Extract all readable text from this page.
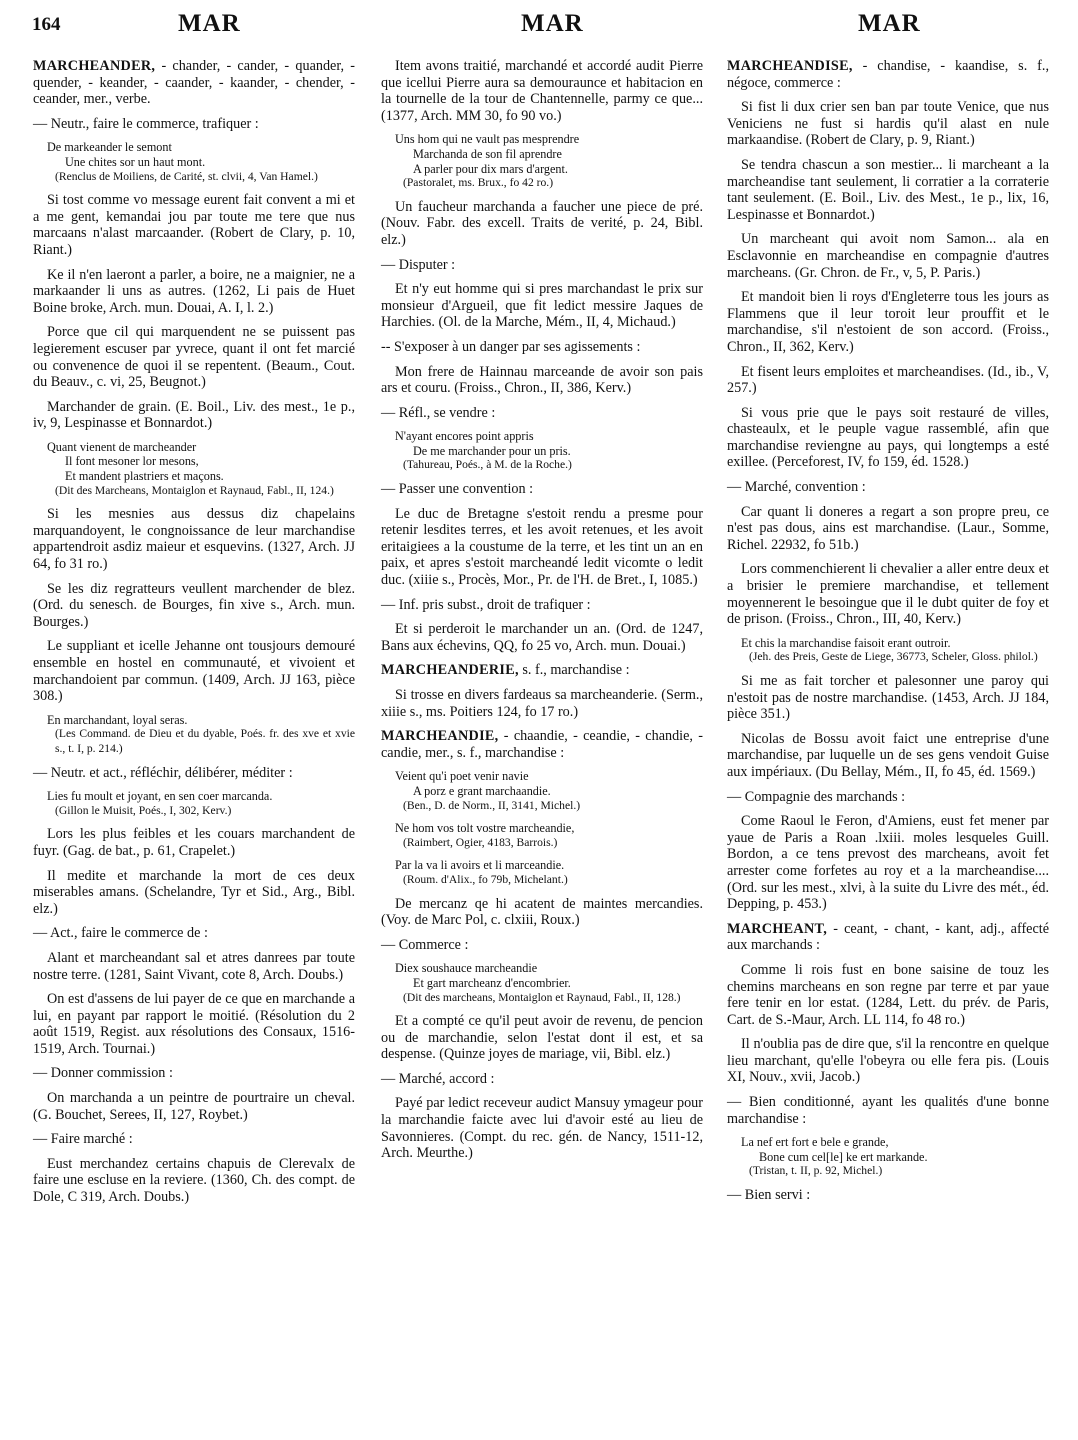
164	MAR	MAR	MAR

MARCHEANDER, - chander, - cander, - quander, - quender, - keander, - caander, - kaander, - chender, - ceander, mer., verbe.

— Neutr., faire le commerce, trafiquer :

De markeander le semont
Une chites sor un haut mont.
(Renclus de Moiliens, de Carité, st. clvii, 4, Van Hamel.)

Si tost comme vo message eurent fait convent a mi et a me gent, kemandai jou par toute me tere que nus marcaans n'alast marcaander. (Robert de Clary, p. 10, Riant.)

Ke il n'en laeront a parler, a boire, ne a maignier, ne a markaander li uns as autres. (1262, Li pais de Huet Boine broke, Arch. mun. Douai, A. I, l. 2.)

Porce que cil qui marquendent ne se puissent pas legierement escuser par yvrece, quant il ont fet marcié ou convenence de quoi il se repentent. (Beaum., Cout. du Beauv., c. vi, 25, Beugnot.)

Marchander de grain. (E. Boil., Liv. des mest., 1e p., iv, 9, Lespinasse et Bonnardot.)

Quant vienent de marcheander
Il font mesoner lor mesons,
Et mandent plastriers et maçons.
(Dit des Marcheans, Montaiglon et Raynaud, Fabl., II, 124.)

Si les mesnies aus dessus diz chapelains marquandoyent, le congnoissance de leur marchandise appartendroit asdiz maieur et esquevins. (1327, Arch. JJ 64, fo 31 ro.)

Se les diz regratteurs veullent marchender de blez. (Ord. du senesch. de Bourges, fin xive s., Arch. mun. Bourges.)

Le suppliant et icelle Jehanne ont tousjours demouré ensemble en hostel en communauté, et vivoient et marchandoient par commun. (1409, Arch. JJ 163, pièce 308.)

En marchandant, loyal seras.
(Les Command. de Dieu et du dyable, Poés. fr. des xve et xvie s., t. I, p. 214.)

— Neutr. et act., réfléchir, délibérer, méditer :

Lies fu moult et joyant, en sen coer marcanda.
(Gillon le Muisit, Poés., I, 302, Kerv.)

Lors les plus feibles et les couars marchandent de fuyr. (Gag. de bat., p. 61, Crapelet.)

Il medite et marchande la mort de ces deux miserables amans. (Schelandre, Tyr et Sid., Arg., Bibl. elz.)

— Act., faire le commerce de :

Alant et marcheandant sal et atres danrees par toute nostre terre. (1281, Saint Vivant, cote 8, Arch. Doubs.)

On est d'assens de lui payer de ce que en marchande a lui, en payant par rapport le moitié. (Résolution du 2 août 1519, Regist. aux résolutions des Consaux, 1516-1519, Arch. Tournai.)

— Donner commission :

On marchanda a un peintre de pourtraire un cheval. (G. Bouchet, Serees, II, 127, Roybet.)

— Faire marché :

Eust merchandez certains chapuis de Clerevalx de faire une escluse en la reviere. (1360, Ch. des compt. de Dole, C 319, Arch. Doubs.)

Item avons traitié, marchandé et accordé audit Pierre que icellui Pierre aura sa demouraunce et habitacion en la tournelle de la tour de Chantennelle, parmy ce que... (1377, Arch. MM 30, fo 90 vo.)

Uns hom qui ne vault pas mesprendre
Marchanda de son fil aprendre
A parler pour dix mars d'argent.
(Pastoralet, ms. Brux., fo 42 ro.)

Un faucheur marchanda a faucher une piece de pré. (Nouv. Fabr. des excell. Traits de verité, p. 24, Bibl. elz.)

— Disputer :

Et n'y eut homme qui si pres marchandast le prix sur monsieur d'Argueil, que fit ledict messire Jaques de Harchies. (Ol. de la Marche, Mém., II, 4, Michaud.)

-- S'exposer à un danger par ses agissements :

Mon frere de Hainnau marceande de avoir son pais ars et couru. (Froiss., Chron., II, 386, Kerv.)

— Réfl., se vendre :

N'ayant encores point appris
De me marchander pour un pris.
(Tahureau, Poés., à M. de la Roche.)

— Passer une convention :

Le duc de Bretagne s'estoit rendu a presme pour retenir lesdites terres, et les avoit retenues, et les avoit eritaigiees a la coustume de la terre, et les tint un an en paix, et apres s'estoit marcheandé ledit vicomte o ledit duc. (xiiie s., Procès, Mor., Pr. de l'H. de Bret., I, 1085.)

— Inf. pris subst., droit de trafiquer :

Et si perderoit le marchander un an. (Ord. de 1247, Bans aux échevins, QQ, fo 25 vo, Arch. mun. Douai.)

MARCHEANDERIE, s. f., marchandise :

Si trosse en divers fardeaus sa marcheanderie. (Serm., xiiie s., ms. Poitiers 124, fo 17 ro.)

MARCHEANDIE, - chaandie, - ceandie, - chandie, - candie, mer., s. f., marchandise :

Veient qu'i poet venir navie
A porz e grant marchaandie.
(Ben., D. de Norm., II, 3141, Michel.)
Ne hom vos tolt vostre marcheandie,
(Raimbert, Ogier, 4183, Barrois.)
Par la va li avoirs et li marceandie.
(Roum. d'Alix., fo 79b, Michelant.)

De mercanz qe hi acatent de maintes mercandies. (Voy. de Marc Pol, c. clxiii, Roux.)

— Commerce :

Diex soushauce marcheandie
Et gart marcheanz d'encombrier.
(Dit des marcheans, Montaiglon et Raynaud, Fabl., II, 128.)

Et a compté ce qu'il peut avoir de revenu, de pencion ou de marchandie, selon l'estat dont il est, et sa despense. (Quinze joyes de mariage, vii, Bibl. elz.)

— Marché, accord :

Payé par ledict receveur audict Mansuy ymageur pour la marchandie faicte avec lui d'avoir esté au lieu de Savonnieres. (Compt. du rec. gén. de Nancy, 1511-12, Arch. Meurthe.)

MARCHEANDISE, - chandise, - kaandise, s. f., négoce, commerce :

Si fist li dux crier sen ban par toute Venice, que nus Veniciens ne fust si hardis qu'il alast en nule markaandise. (Robert de Clary, p. 9, Riant.)

Se tendra chascun a son mestier... li marcheant a la marcheandise tant seulement, li corratier a la corraterie tant seulement. (E. Boil., Liv. des Mest., 1e p., lix, 16, Lespinasse et Bonnardot.)

Un marcheant qui avoit nom Samon... ala en Esclavonnie en marcheandise en compagnie d'autres marcheans. (Gr. Chron. de Fr., v, 5, P. Paris.)

Et mandoit bien li roys d'Engleterre tous les jours as Flammens que il leur toroit leur prouffit et le marchandise, s'il n'estoient de son accord. (Froiss., Chron., II, 362, Kerv.)

Et fisent leurs emploites et marcheandises. (Id., ib., V, 257.)

Si vous prie que le pays soit restauré de villes, chasteaulx, et le peuple vague rassemblé, afin que marchandise reviengne au pays, qui longtemps a esté exillee. (Perceforest, IV, fo 159, éd. 1528.)

— Marché, convention :

Car quant li doneres a regart a son propre preu, ce n'est pas dous, ains est marchandise. (Laur., Somme, Richel. 22932, fo 51b.)

Lors commenchierent li chevalier a aller entre deux et a brisier le premiere marchandise, et tellement moyennerent le besoingue que il le dubt quiter de foy et de prison. (Froiss., Chron., III, 40, Kerv.)

Et chis la marchandise faisoit erant outroir.
(Jeh. des Preis, Geste de Liege, 36773, Scheler, Gloss. philol.)

Si me as fait torcher et palesonner une paroy qui n'estoit pas de nostre marchandise. (1453, Arch. JJ 184, pièce 351.)

Nicolas de Bossu avoit faict une entreprise d'une marchandise, par luquelle un de ses gens vendoit Guise aux impériaux. (Du Bellay, Mém., II, fo 45, éd. 1569.)

— Compagnie des marchands :

Come Raoul le Feron, d'Amiens, eust fet mener par yaue de Paris a Roan .lxiii. moles lesqueles Guill. Bordon, a ce tens prevost des marcheans, avoit fet arrester come forfetes au roy et a la marcheandise.... (Ord. sur les mest., xlvi, à la suite du Livre des mét., éd. Depping, p. 453.)

MARCHEANT, - ceant, - chant, - kant, adj., affecté aux marchands :

Comme li rois fust en bone saisine de touz les chemins marcheans en son regne par terre et par yaue fere tenir en lor estat. (1284, Lett. du prév. de Paris, Cart. de S.-Maur, Arch. LL 114, fo 48 ro.)

Il n'oublia pas de dire que, s'il la rencontre en quelque lieu marchant, qu'elle l'obeyra ou elle fera pis. (Louis XI, Nouv., xvii, Jacob.)

— Bien conditionné, ayant les qualités d'une bonne marchandise :

La nef ert fort e bele e grande,
Bone cum cel[le] ke ert markande.
(Tristan, t. II, p. 92, Michel.)

— Bien servi :
